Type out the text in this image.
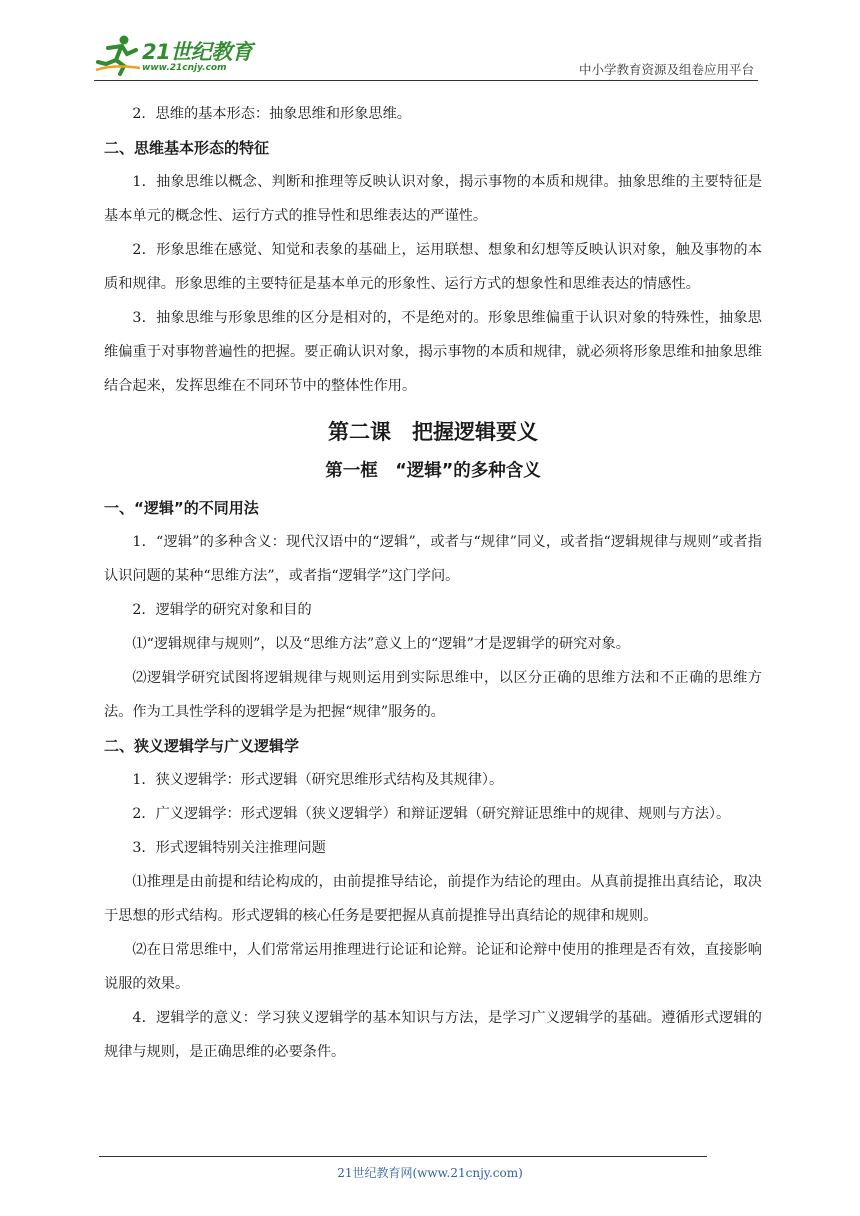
21世纪教育
www.21cnjy.com	中小学教育资源及组卷应用平台

2．思维的基本形态：抽象思维和形象思维。

二、思维基本形态的特征

1．抽象思维以概念、判断和推理等反映认识对象，揭示事物的本质和规律。抽象思维的主要特征是基本单元的概念性、运行方式的推导性和思维表达的严谨性。

2．形象思维在感觉、知觉和表象的基础上，运用联想、想象和幻想等反映认识对象，触及事物的本质和规律。形象思维的主要特征是基本单元的形象性、运行方式的想象性和思维表达的情感性。

3．抽象思维与形象思维的区分是相对的，不是绝对的。形象思维偏重于认识对象的特殊性，抽象思维偏重于对事物普遍性的把握。要正确认识对象，揭示事物的本质和规律，就必须将形象思维和抽象思维结合起来，发挥思维在不同环节中的整体性作用。

第二课　把握逻辑要义

第一框　“逻辑”的多种含义

一、“逻辑”的不同用法

1．“逻辑”的多种含义：现代汉语中的“逻辑”，或者与“规律”同义，或者指“逻辑规律与规则”或者指认识问题的某种“思维方法”，或者指“逻辑学”这门学问。

2．逻辑学的研究对象和目的

⑴“逻辑规律与规则”，以及“思维方法”意义上的“逻辑”才是逻辑学的研究对象。

⑵逻辑学研究试图将逻辑规律与规则运用到实际思维中，以区分正确的思维方法和不正确的思维方法。作为工具性学科的逻辑学是为把握“规律”服务的。

二、狭义逻辑学与广义逻辑学

1．狭义逻辑学：形式逻辑（研究思维形式结构及其规律）。

2．广义逻辑学：形式逻辑（狭义逻辑学）和辩证逻辑（研究辩证思维中的规律、规则与方法）。

3．形式逻辑特别关注推理问题

⑴推理是由前提和结论构成的，由前提推导结论，前提作为结论的理由。从真前提推出真结论，取决于思想的形式结构。形式逻辑的核心任务是要把握从真前提推导出真结论的规律和规则。

⑵在日常思维中，人们常常运用推理进行论证和论辩。论证和论辩中使用的推理是否有效，直接影响说服的效果。

4．逻辑学的意义：学习狭义逻辑学的基本知识与方法，是学习广义逻辑学的基础。遵循形式逻辑的规律与规则，是正确思维的必要条件。

21世纪教育网(www.21cnjy.com)
